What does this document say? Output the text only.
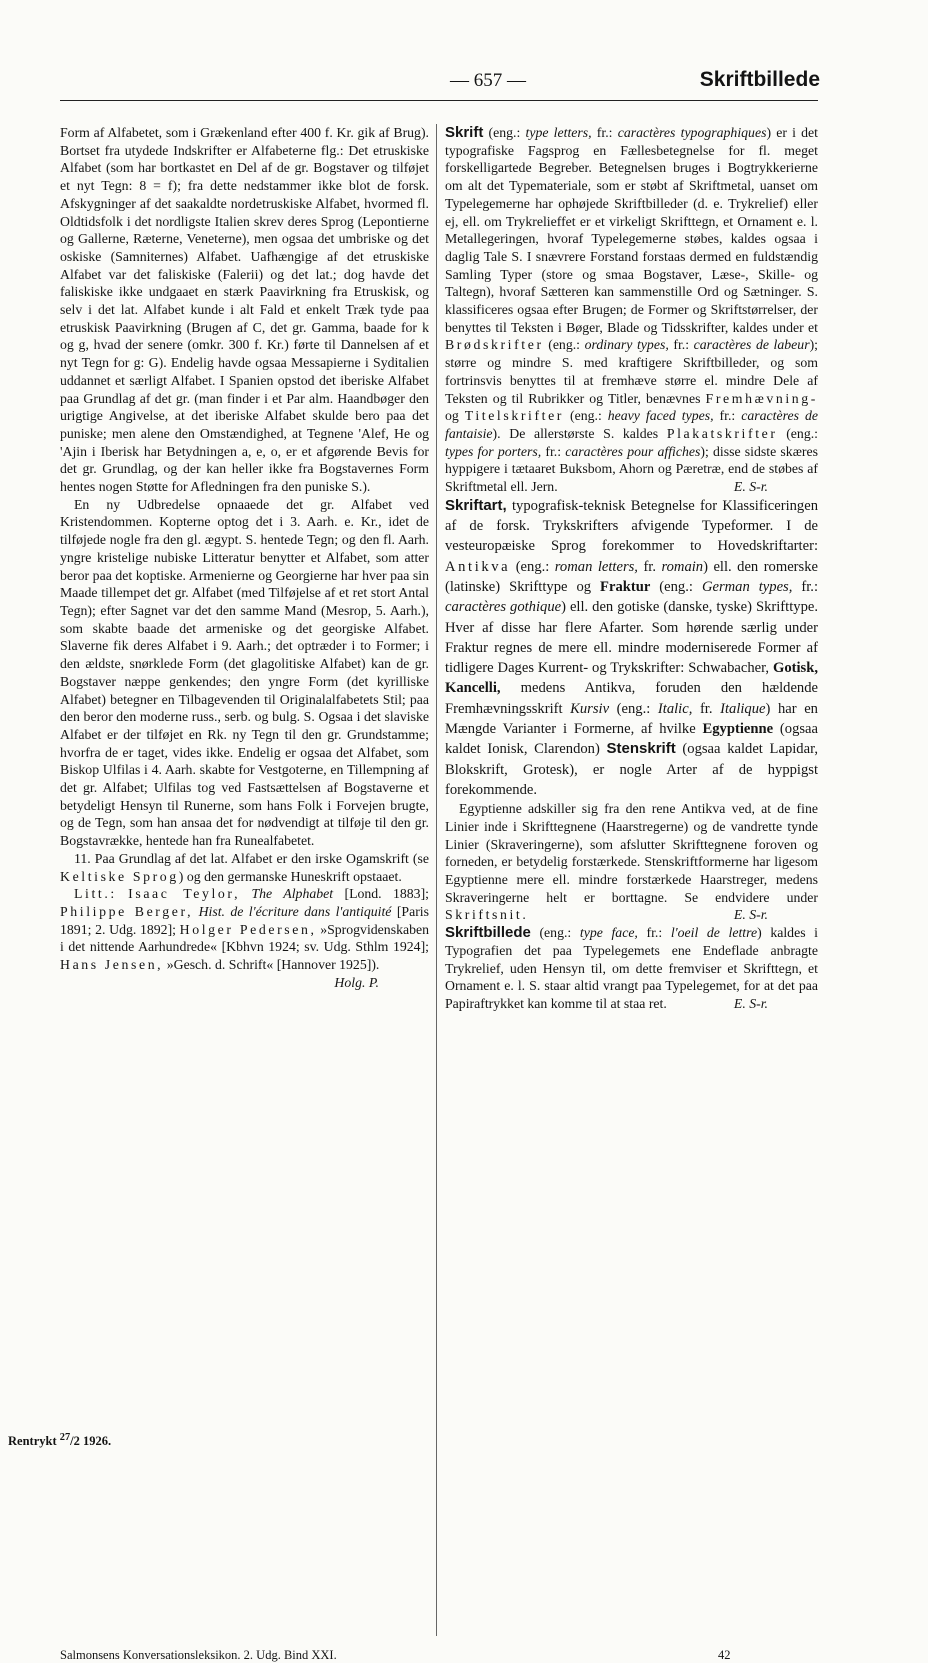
— 657 —	Skriftbillede

Form af Alfabetet, som i Grækenland efter 400 f. Kr. gik af Brug). Bortset fra utydede Indskrifter er Alfabeterne flg.: Det etruskiske Alfabet (som har bortkastet en Del af de gr. Bogstaver og tilføjet et nyt Tegn: 8 = f); fra dette nedstammer ikke blot de forsk. Afskygninger af det saakaldte nordetruskiske Alfabet, hvormed fl. Oldtidsfolk i det nordligste Italien skrev deres Sprog (Lepontierne og Gallerne, Ræterne, Veneterne), men ogsaa det umbriske og det oskiske (Samniternes) Alfabet. Uafhængige af det etruskiske Alfabet var det faliskiske (Falerii) og det lat.; dog havde det faliskiske ikke undgaaet en stærk Paavirkning fra Etruskisk, og selv i det lat. Alfabet kunde i alt Fald et enkelt Træk tyde paa etruskisk Paavirkning (Brugen af C, det gr. Gamma, baade for k og g, hvad der senere (omkr. 300 f. Kr.) førte til Dannelsen af et nyt Tegn for g: G). Endelig havde ogsaa Messapierne i Syditalien uddannet et særligt Alfabet. I Spanien opstod det iberiske Alfabet paa Grundlag af det gr. (man finder i et Par alm. Haandbøger den urigtige Angivelse, at det iberiske Alfabet skulde bero paa det puniske; men alene den Omstændighed, at Tegnene 'Alef, He og 'Ajin i Iberisk har Betydningen a, e, o, er et afgørende Bevis for det gr. Grundlag, og der kan heller ikke fra Bogstavernes Form hentes nogen Støtte for Afledningen fra den puniske S.).

En ny Udbredelse opnaaede det gr. Alfabet ved Kristendommen. Kopterne optog det i 3. Aarh. e. Kr., idet de tilføjede nogle fra den gl. ægypt. S. hentede Tegn; og den fl. Aarh. yngre kristelige nubiske Litteratur benytter et Alfabet, som atter beror paa det koptiske. Armenierne og Georgierne har hver paa sin Maade tillempet det gr. Alfabet (med Tilføjelse af et ret stort Antal Tegn); efter Sagnet var det den samme Mand (Mesrop, 5. Aarh.), som skabte baade det armeniske og det georgiske Alfabet. Slaverne fik deres Alfabet i 9. Aarh.; det optræder i to Former; i den ældste, snørklede Form (det glagolitiske Alfabet) kan de gr. Bogstaver næppe genkendes; den yngre Form (det kyrilliske Alfabet) betegner en Tilbagevenden til Originalalfabetets Stil; paa den beror den moderne russ., serb. og bulg. S. Ogsaa i det slaviske Alfabet er der tilføjet en Rk. ny Tegn til den gr. Grundstamme; hvorfra de er taget, vides ikke. Endelig er ogsaa det Alfabet, som Biskop Ulfilas i 4. Aarh. skabte for Vestgoterne, en Tillempning af det gr. Alfabet; Ulfilas tog ved Fastsættelsen af Bogstaverne et betydeligt Hensyn til Runerne, som hans Folk i Forvejen brugte, og de Tegn, som han ansaa det for nødvendigt at tilføje til den gr. Bogstavrække, hentede han fra Runealfabetet.

11. Paa Grundlag af det lat. Alfabet er den irske Ogamskrift (se Keltiske Sprog) og den germanske Huneskrift opstaaet.

Litt.: Isaac Teylor, The Alphabet [Lond. 1883]; Philippe Berger, Hist. de l'écriture dans l'antiquité [Paris 1891; 2. Udg. 1892]; Holger Pedersen, »Sprogvidenskaben i det nittende Aarhundrede« [Kbhvn 1924; sv. Udg. Sthlm 1924]; Hans Jensen, »Gesch. d. Schrift« [Hannover 1925]).
Holg. P.

Skrift (eng.: type letters, fr.: caractères typographiques) er i det typografiske Fagsprog en Fællesbetegnelse for fl. meget forskelligartede Begreber. Betegnelsen bruges i Bogtrykkerierne om alt det Typemateriale, som er støbt af Skriftmetal, uanset om Typelegemerne har ophøjede Skriftbilleder (d. e. Trykrelief) eller ej, ell. om Trykrelieffet er et virkeligt Skrifttegn, et Ornament e. l. Metallegeringen, hvoraf Typelegemerne støbes, kaldes ogsaa i daglig Tale S. I snævrere Forstand forstaas dermed en fuldstændig Samling Typer (store og smaa Bogstaver, Læse-, Skille- og Taltegn), hvoraf Sætteren kan sammenstille Ord og Sætninger. S. klassificeres ogsaa efter Brugen; de Former og Skriftstørrelser, der benyttes til Teksten i Bøger, Blade og Tidsskrifter, kaldes under et Brødskrifter (eng.: ordinary types, fr.: caractères de labeur); større og mindre S. med kraftigere Skriftbilleder, og som fortrinsvis benyttes til at fremhæve større el. mindre Dele af Teksten og til Rubrikker og Titler, benævnes Fremhævning- og Titelskrifter (eng.: heavy faced types, fr.: caractères de fantaisie). De allerstørste S. kaldes Plakatskrifter (eng.: types for porters, fr.: caractères pour affiches); disse sidste skæres hyppigere i tætaaret Buksbom, Ahorn og Pæretræ, end de støbes af Skriftmetal ell. Jern.	E. S-r.

Skriftart, typografisk-teknisk Betegnelse for Klassificeringen af de forsk. Trykskrifters afvigende Typeformer. I de vesteuropæiske Sprog forekommer to Hovedskriftarter: Antikva (eng.: roman letters, fr. romain) ell. den romerske (latinske) Skrifttype og Fraktur (eng.: German types, fr.: caractères gothique) ell. den gotiske (danske, tyske) Skrifttype. Hver af disse har flere Afarter. Som hørende særlig under Fraktur regnes de mere ell. mindre moderniserede Former af tidligere Dages Kurrent- og Trykskrifter: Schwabacher, Gotisk, Kancelli, medens Antikva, foruden den hældende Fremhævningsskrift Kursiv (eng.: Italic, fr. Italique) har en Mængde Varianter i Formerne, af hvilke Egyptienne (ogsaa kaldet Ionisk, Clarendon) Stenskrift (ogsaa kaldet Lapidar, Blokskrift, Grotesk), er nogle Arter af de hyppigst forekommende.

Egyptienne adskiller sig fra den rene Antikva ved, at de fine Linier inde i Skrifttegnene (Haarstregerne) og de vandrette tynde Linier (Skraveringerne), som afslutter Skrifttegnene foroven og forneden, er betydelig forstærkede. Stenskriftformerne har ligesom Egyptienne mere ell. mindre forstærkede Haarstreger, medens Skraveringerne helt er borttagne. Se endvidere under Skriftsnit.	E. S-r.

Skriftbillede (eng.: type face, fr.: l'oeil de lettre) kaldes i Typografien det paa Typelegemets ene Endeflade anbragte Trykrelief, uden Hensyn til, om dette fremviser et Skrifttegn, et Ornament e. l. S. staar altid vrangt paa Typelegemet, for at det paa Papiraftrykket kan komme til at staa ret.	E. S-r.

Salmonsens Konversationsleksikon. 2. Udg. Bind XXI.	42
Rentrykt $^{27}$/2 1926.
